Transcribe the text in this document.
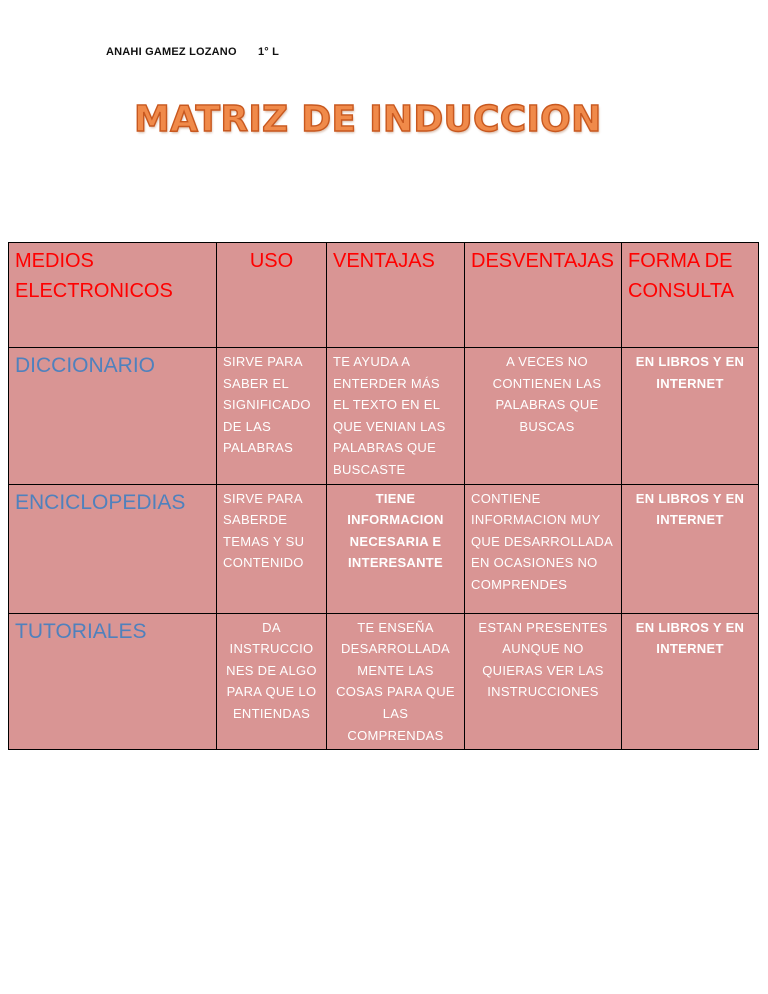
ANAHI GAMEZ LOZANO 1° L
MATRIZ DE INDUCCION
MEDIOS ELECTRONICOS	USO	VENTAJAS	DESVENTAJAS	FORMA DE CONSULTA
DICCIONARIO	SIRVE PARA SABER EL SIGNIFICADO DE LAS PALABRAS	TE AYUDA A ENTERDER MÁS EL TEXTO EN EL QUE VENIAN LAS PALABRAS QUE BUSCASTE	A VECES NO CONTIENEN LAS PALABRAS QUE BUSCAS	EN LIBROS Y EN INTERNET
ENCICLOPEDIAS	SIRVE PARA SABERDE TEMAS Y SU CONTENIDO	TIENE INFORMACION NECESARIA E INTERESANTE	CONTIENE INFORMACION MUY QUE DESARROLLADA EN OCASIONES NO COMPRENDES	EN LIBROS Y EN INTERNET
TUTORIALES	DA INSTRUCCIO NES DE ALGO PARA QUE LO ENTIENDAS	TE ENSEÑA DESARROLLADA MENTE LAS COSAS PARA QUE LAS COMPRENDAS	ESTAN PRESENTES AUNQUE NO QUIERAS VER LAS INSTRUCCIONES	EN LIBROS Y EN INTERNET
